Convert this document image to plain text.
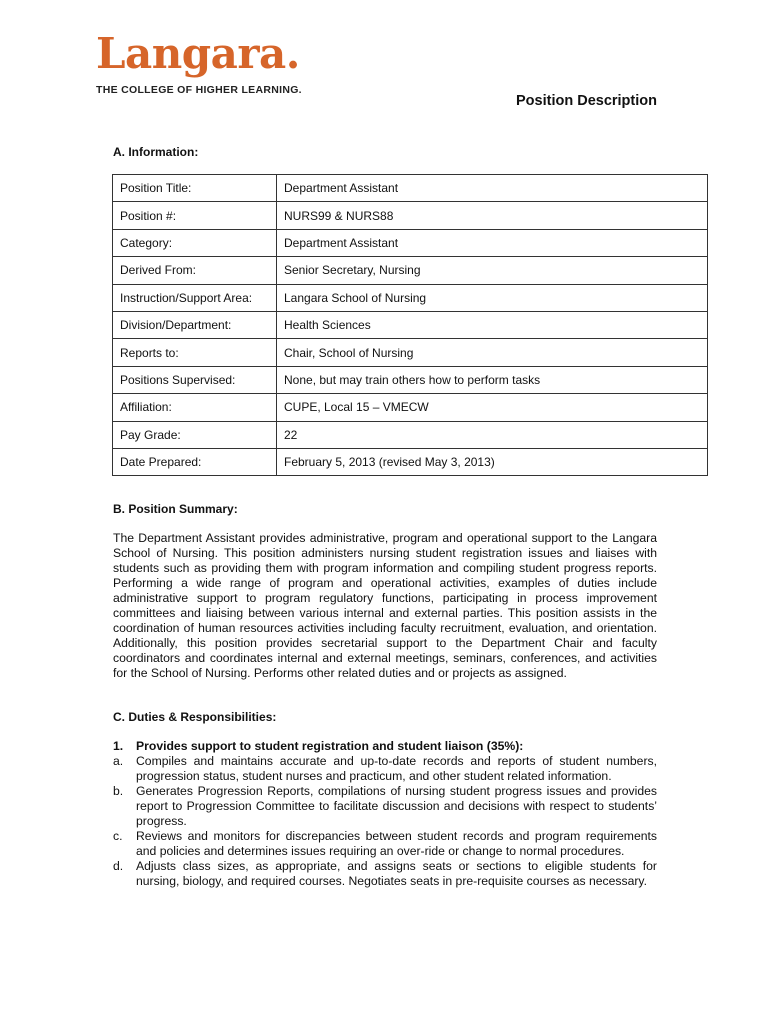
Langara.
THE COLLEGE OF HIGHER LEARNING.
Position Description
A. Information:
Position Title:	Department Assistant
Position #:	NURS99 & NURS88
Category:	Department Assistant
Derived From:	Senior Secretary, Nursing
Instruction/Support Area:	Langara School of Nursing
Division/Department:	Health Sciences
Reports to:	Chair, School of Nursing
Positions Supervised:	None, but may train others how to perform tasks
Affiliation:	CUPE, Local 15 – VMECW
Pay Grade:	22
Date Prepared:	February 5, 2013 (revised May 3, 2013)
B. Position Summary:

The Department Assistant provides administrative, program and operational support to the Langara School of Nursing. This position administers nursing student registration issues and liaises with students such as providing them with program information and compiling student progress reports. Performing a wide range of program and operational activities, examples of duties include administrative support to program regulatory functions, participating in process improvement committees and liaising between various internal and external parties. This position assists in the coordination of human resources activities including faculty recruitment, evaluation, and orientation. Additionally, this position provides secretarial support to the Department Chair and faculty coordinators and coordinates internal and external meetings, seminars, conferences, and activities for the School of Nursing. Performs other related duties and or projects as assigned.

C. Duties & Responsibilities:
1. Provides support to student registration and student liaison (35%):
a.	Compiles and maintains accurate and up-to-date records and reports of student numbers, progression status, student nurses and practicum, and other student related information.
b.	Generates Progression Reports, compilations of nursing student progress issues and provides report to Progression Committee to facilitate discussion and decisions with respect to students’ progress.
c.	Reviews and monitors for discrepancies between student records and program requirements and policies and determines issues requiring an over-ride or change to normal procedures.
d.	Adjusts class sizes, as appropriate, and assigns seats or sections to eligible students for nursing, biology, and required courses. Negotiates seats in pre-requisite courses as necessary.
